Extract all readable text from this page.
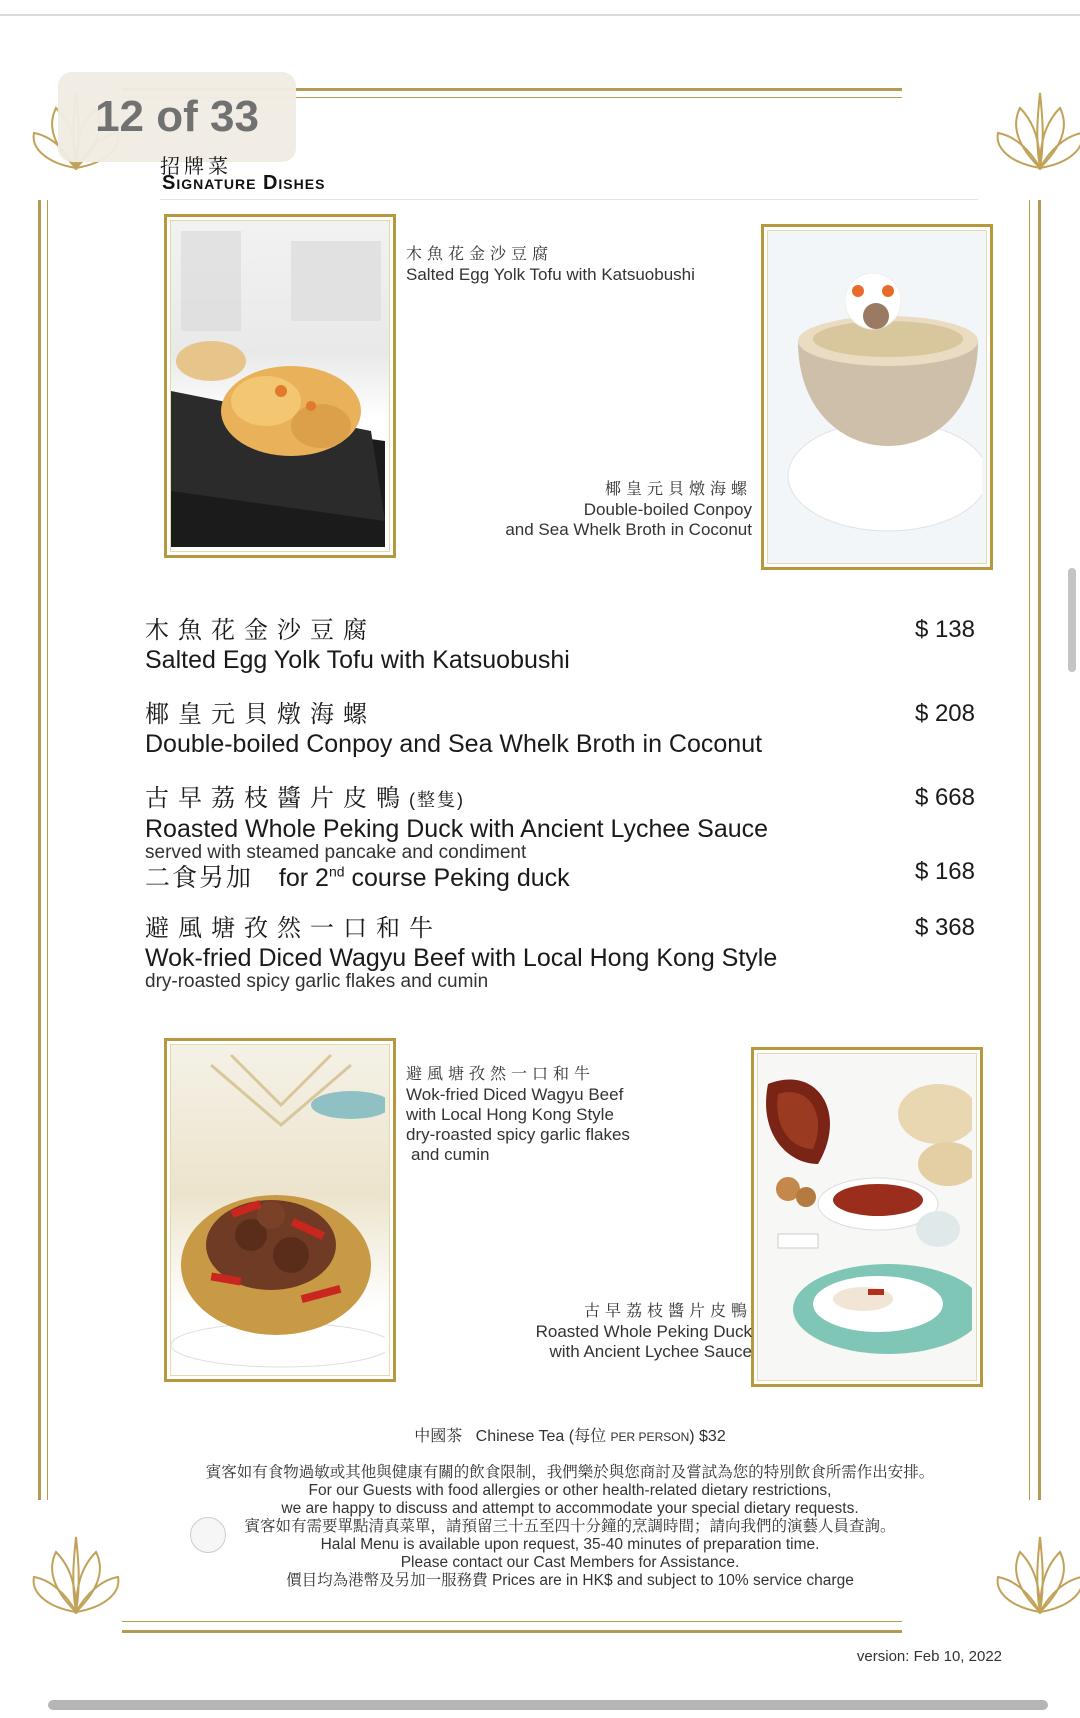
12 of 33
招牌菜
Signature Dishes
木魚花金沙豆腐
Salted Egg Yolk Tofu with Katsuobushi
椰皇元貝燉海螺
Double-boiled Conpoy
and Sea Whelk Broth in Coconut
木魚花金沙豆腐
Salted Egg Yolk Tofu with Katsuobushi
$ 138
椰皇元貝燉海螺
Double-boiled Conpoy and Sea Whelk Broth in Coconut
$ 208
古早荔枝醬片皮鴨(整隻)
Roasted Whole Peking Duck with Ancient Lychee Sauce
served with steamed pancake and condiment
$ 668
二食另加 for 2nd course Peking duck	$ 168
避風塘孜然一口和牛
Wok-fried Diced Wagyu Beef with Local Hong Kong Style
dry-roasted spicy garlic flakes and cumin
$ 368
避風塘孜然一口和牛
Wok-fried Diced Wagyu Beef
with Local Hong Kong Style
dry-roasted spicy garlic flakes
and cumin
古早荔枝醬片皮鴨
Roasted Whole Peking Duck
with Ancient Lychee Sauce
中國茶 Chinese Tea (每位 PER PERSON) $32
賓客如有食物過敏或其他與健康有關的飲食限制，我們樂於與您商討及嘗試為您的特別飲食所需作出安排。
For our Guests with food allergies or other health-related dietary restrictions,
we are happy to discuss and attempt to accommodate your special dietary requests.
賓客如有需要單點清真菜單，請預留三十五至四十分鐘的烹調時間；請向我們的演藝人員查詢。
Halal Menu is available upon request, 35-40 minutes of preparation time.
Please contact our Cast Members for Assistance.
價目均為港幣及另加一服務費 Prices are in HK$ and subject to 10% service charge
version: Feb 10, 2022
